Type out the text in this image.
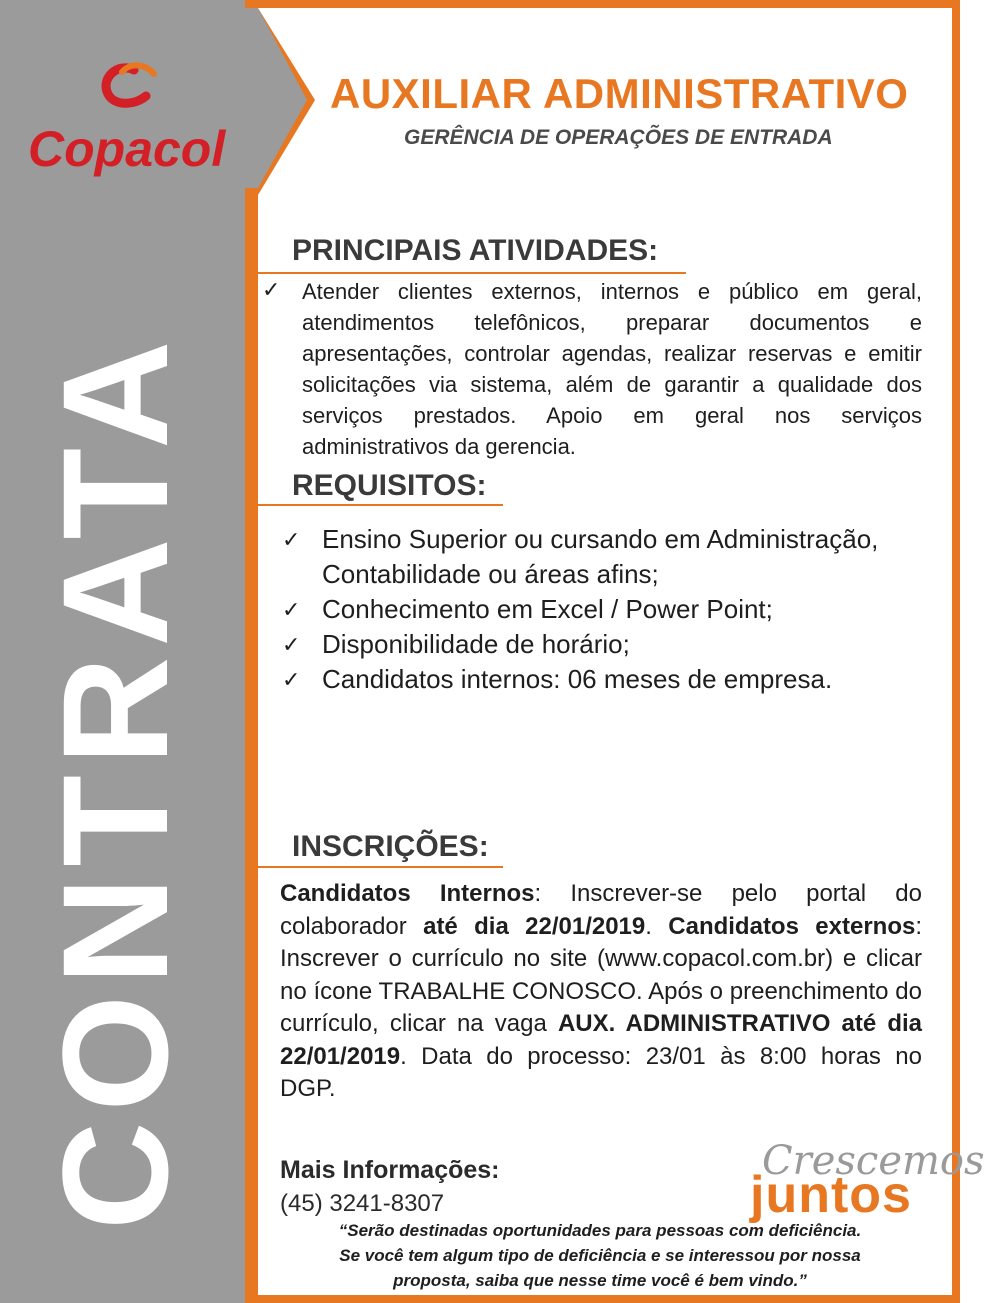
Copacol
CONTRATA
AUXILIAR ADMINISTRATIVO
GERÊNCIA DE OPERAÇÕES DE ENTRADA
PRINCIPAIS ATIVIDADES:
✓ Atender clientes externos, internos e público em geral, atendimentos telefônicos, preparar documentos e apresentações, controlar agendas, realizar reservas e emitir solicitações via sistema, além de garantir a qualidade dos serviços prestados. Apoio em geral nos serviços administrativos da gerencia.
REQUISITOS:
✓ Ensino Superior ou cursando em Administração, Contabilidade ou áreas afins;
✓ Conhecimento em Excel / Power Point;
✓ Disponibilidade de horário;
✓ Candidatos internos: 06 meses de empresa.
INSCRIÇÕES:
Candidatos Internos: Inscrever-se pelo portal do colaborador até dia 22/01/2019. Candidatos externos: Inscrever o currículo no site (www.copacol.com.br) e clicar no ícone TRABALHE CONOSCO. Após o preenchimento do currículo, clicar na vaga AUX. ADMINISTRATIVO até dia 22/01/2019. Data do processo: 23/01 às 8:00 horas no DGP.
Mais Informações:
(45) 3241-8307
Crescemos
juntos
“Serão destinadas oportunidades para pessoas com deficiência.
Se você tem algum tipo de deficiência e se interessou por nossa
proposta, saiba que nesse time você é bem vindo.”
